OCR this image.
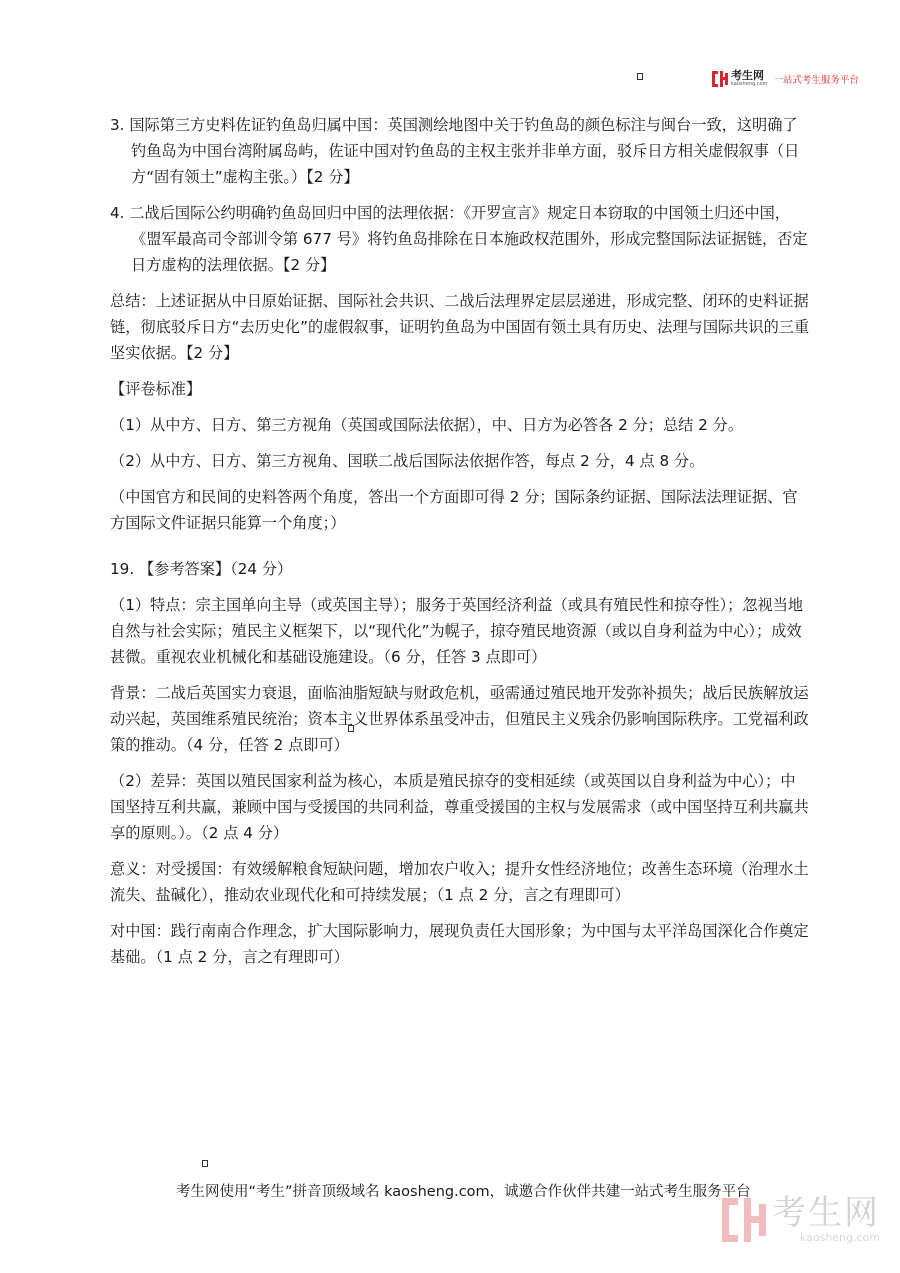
考生网
kaosheng.com 一站式考生服务平台

3. 国际第三方史料佐证钓鱼岛归属中国：英国测绘地图中关于钓鱼岛的颜色标注与闽台一致，这明确了钓鱼岛为中国台湾附属岛屿，佐证中国对钓鱼岛的主权主张并非单方面，驳斥日方相关虚假叙事（日方“固有领土”虚构主张。）【2 分】

4. 二战后国际公约明确钓鱼岛回归中国的法理依据：《开罗宣言》规定日本窃取的中国领土归还中国，《盟军最高司令部训令第 677 号》将钓鱼岛排除在日本施政权范围外，形成完整国际法证据链，否定日方虚构的法理依据。【2 分】

总结：上述证据从中日原始证据、国际社会共识、二战后法理界定层层递进，形成完整、闭环的史料证据链，彻底驳斥日方“去历史化”的虚假叙事，证明钓鱼岛为中国固有领土具有历史、法理与国际共识的三重坚实依据。【2 分】

【评卷标准】

（1）从中方、日方、第三方视角（英国或国际法依据），中、日方为必答各 2 分；总结 2 分。

（2）从中方、日方、第三方视角、国联二战后国际法依据作答，每点 2 分，4 点 8 分。

（中国官方和民间的史料答两个角度，答出一个方面即可得 2 分；国际条约证据、国际法法理证据、官方国际文件证据只能算一个角度；）

19. 【参考答案】（24 分）

（1）特点：宗主国单向主导（或英国主导）；服务于英国经济利益（或具有殖民性和掠夺性）；忽视当地自然与社会实际；殖民主义框架下，以“现代化”为幌子，掠夺殖民地资源（或以自身利益为中心）；成效甚微。重视农业机械化和基础设施建设。（6 分，任答 3 点即可）

背景：二战后英国实力衰退，面临油脂短缺与财政危机，亟需通过殖民地开发弥补损失；战后民族解放运动兴起，英国维系殖民统治；资本主义世界体系虽受冲击，但殖民主义残余仍影响国际秩序。工党福利政策的推动。（4 分，任答 2 点即可）

（2）差异：英国以殖民国家利益为核心，本质是殖民掠夺的变相延续（或英国以自身利益为中心）；中国坚持互利共赢，兼顾中国与受援国的共同利益，尊重受援国的主权与发展需求（或中国坚持互利共赢共享的原则。）。（2 点 4 分）

意义：对受援国：有效缓解粮食短缺问题，增加农户收入；提升女性经济地位；改善生态环境（治理水土流失、盐碱化），推动农业现代化和可持续发展；（1 点 2 分，言之有理即可）

对中国：践行南南合作理念，扩大国际影响力，展现负责任大国形象；为中国与太平洋岛国深化合作奠定基础。（1 点 2 分，言之有理即可）

考生网使用“考生”拼音顶级域名 kaosheng.com，诚邀合作伙伴共建一站式考生服务平台
考生网
kaosheng.com
